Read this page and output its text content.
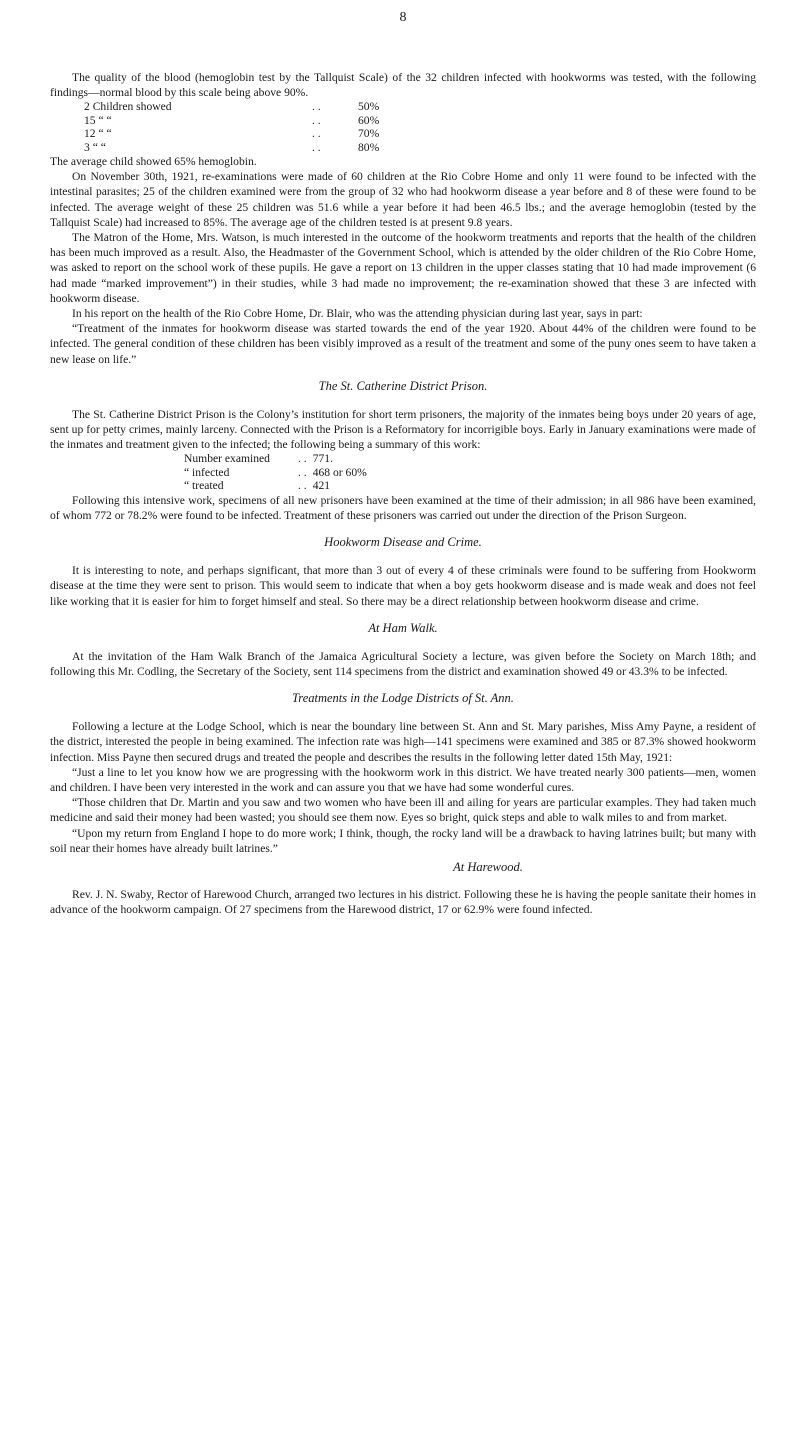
8

The quality of the blood (hemoglobin test by the Tallquist Scale) of the 32 children infected with hookworms was tested, with the following findings—normal blood by this scale being above 90%.

2 Children showed	. .	50%
15 “ “	. .	60%
12 “ “	. .	70%
3 “ “	. .	80%

The average child showed 65% hemoglobin.

On November 30th, 1921, re-examinations were made of 60 children at the Rio Cobre Home and only 11 were found to be infected with the intestinal parasites; 25 of the children examined were from the group of 32 who had hookworm disease a year before and 8 of these were found to be infected. The average weight of these 25 children was 51.6 while a year before it had been 46.5 lbs.; and the average hemoglobin (tested by the Tallquist Scale) had increased to 85%. The average age of the children tested is at present 9.8 years.

The Matron of the Home, Mrs. Watson, is much interested in the outcome of the hookworm treatments and reports that the health of the children has been much improved as a result. Also, the Headmaster of the Government School, which is attended by the older children of the Rio Cobre Home, was asked to report on the school work of these pupils. He gave a report on 13 children in the upper classes stating that 10 had made improvement (6 had made “marked improvement”) in their studies, while 3 had made no improvement; the re-examination showed that these 3 are infected with hookworm disease.

In his report on the health of the Rio Cobre Home, Dr. Blair, who was the attending physician during last year, says in part:

“Treatment of the inmates for hookworm disease was started towards the end of the year 1920. About 44% of the children were found to be infected. The general condition of these children has been visibly improved as a result of the treatment and some of the puny ones seem to have taken a new lease on life.”

The St. Catherine District Prison.

The St. Catherine District Prison is the Colony’s institution for short term prisoners, the majority of the inmates being boys under 20 years of age, sent up for petty crimes, mainly larceny. Connected with the Prison is a Reformatory for incorrigible boys. Early in January examinations were made of the inmates and treatment given to the infected; the following being a summary of this work:

Number examined	. .	771.
“ infected	. .	468 or 60%
“ treated	. .	421

Following this intensive work, specimens of all new prisoners have been examined at the time of their admission; in all 986 have been examined, of whom 772 or 78.2% were found to be infected. Treatment of these prisoners was carried out under the direction of the Prison Surgeon.

Hookworm Disease and Crime.

It is interesting to note, and perhaps significant, that more than 3 out of every 4 of these criminals were found to be suffering from Hookworm disease at the time they were sent to prison. This would seem to indicate that when a boy gets hookworm disease and is made weak and does not feel like working that it is easier for him to forget himself and steal. So there may be a direct relationship between hookworm disease and crime.

At Ham Walk.

At the invitation of the Ham Walk Branch of the Jamaica Agricultural Society a lecture, was given before the Society on March 18th; and following this Mr. Codling, the Secretary of the Society, sent 114 specimens from the district and examination showed 49 or 43.3% to be infected.

Treatments in the Lodge Districts of St. Ann.

Following a lecture at the Lodge School, which is near the boundary line between St. Ann and St. Mary parishes, Miss Amy Payne, a resident of the district, interested the people in being examined. The infection rate was high—141 specimens were examined and 385 or 87.3% showed hookworm infection. Miss Payne then secured drugs and treated the people and describes the results in the following letter dated 15th May, 1921:

“Just a line to let you know how we are progressing with the hookworm work in this district. We have treated nearly 300 patients—men, women and children. I have been very interested in the work and can assure you that we have had some wonderful cures.

“Those children that Dr. Martin and you saw and two women who have been ill and ailing for years are particular examples. They had taken much medicine and said their money had been wasted; you should see them now. Eyes so bright, quick steps and able to walk miles to and from market.

“Upon my return from England I hope to do more work; I think, though, the rocky land will be a drawback to having latrines built; but many with soil near their homes have already built latrines.”

At Harewood.

Rev. J. N. Swaby, Rector of Harewood Church, arranged two lectures in his district. Following these he is having the people sanitate their homes in advance of the hookworm campaign. Of 27 specimens from the Harewood district, 17 or 62.9% were found infected.
